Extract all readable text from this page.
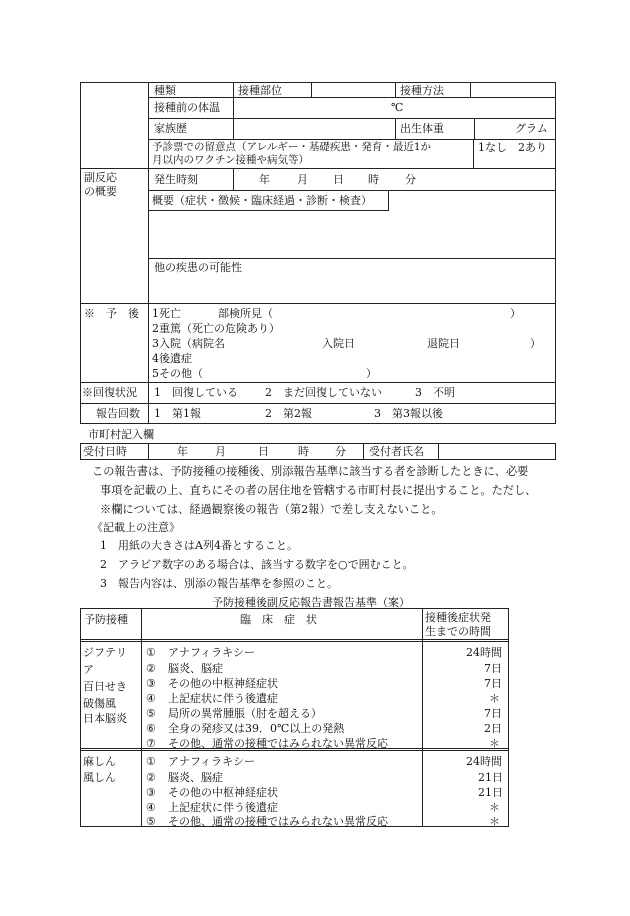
種類	接種部位	接種方法
接種前の体温	℃
家族歴	出生体重	グラム
予診票での留意点（アレルギー・基礎疾患・発育・最近1か
月以内のワクチン接種や病気等）
1なし　2あり
副反応
の概要
発生時刻	年 月 日 時 分
概要（症状・徴候・臨床経過・診断・検査）
他の疾患の可能性
※　予　後 1死亡	部検所見（	）
2重篤（死亡の危険あり）
3入院（病院名	入院日	退院日	）
4後遺症
5その他（	）
※回復状況 1　回復している 2　まだ回復していない	3　不明
報告回数 1　第1報	2　第2報	3　第3報以後
市町村記入欄
受付日時	年 月	日	時 分 受付者氏名
この報告書は、予防接種の接種後、別添報告基準に該当する者を診断したときに、必要
事項を記載の上、直ちにその者の居住地を管轄する市町村長に提出すること。ただし、
※欄については、経過観察後の報告（第2報）で差し支えないこと。
《記載上の注意》
1　用紙の大きさはA列4番とすること。
2　アラビア数字のある場合は、該当する数字を○で囲むこと。
3　報告内容は、別添の報告基準を参照のこと。
予防接種後副反応報告書報告基準（案）
予防接種	臨　床　症　状	接種後症状発
生までの時間
ジフテリ
ア
百日せき
破傷風
日本脳炎
① アナフィラキシー	24時間
② 脳炎、脳症	7日
③ その他の中枢神経症状	7日
④ 上記症状に伴う後遺症	＊
⑤ 局所の異常腫脹（肘を超える）	7日
⑥ 全身の発疹又は39．0℃以上の発熱	2日
⑦ その他、通常の接種ではみられない異常反応	＊
麻しん
風しん
① アナフィラキシー	24時間
② 脳炎、脳症	21日
③ その他の中枢神経症状	21日
④ 上記症状に伴う後遺症	＊
⑤ その他、通常の接種ではみられない異常反応	＊
